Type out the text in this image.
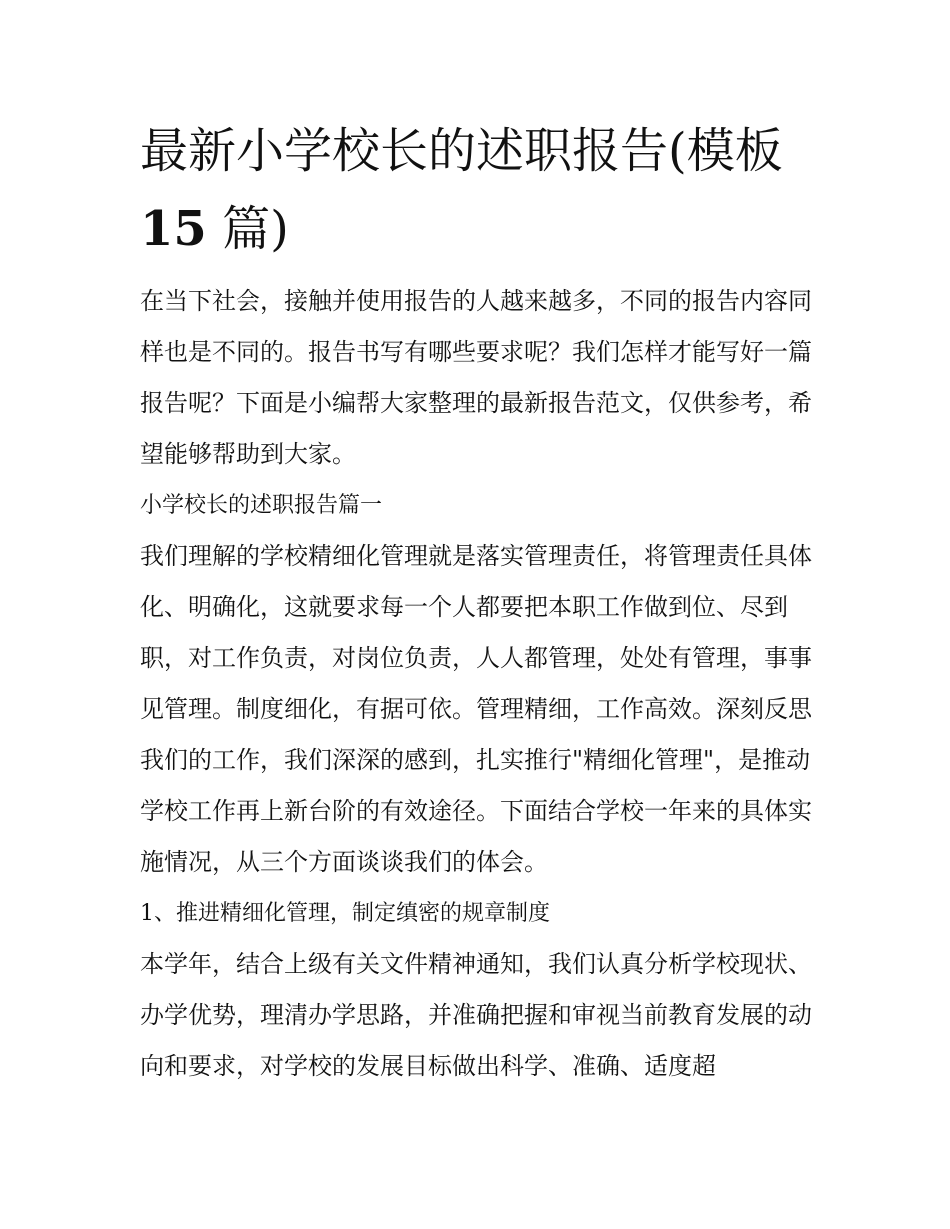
最新小学校长的述职报告(模板
15 篇)

在当下社会，接触并使用报告的人越来越多，不同的报告内容同样也是不同的。报告书写有哪些要求呢？我们怎样才能写好一篇报告呢？下面是小编帮大家整理的最新报告范文，仅供参考，希望能够帮助到大家。

小学校长的述职报告篇一

我们理解的学校精细化管理就是落实管理责任，将管理责任具体化、明确化，这就要求每一个人都要把本职工作做到位、尽到职，对工作负责，对岗位负责，人人都管理，处处有管理，事事见管理。制度细化，有据可依。管理精细，工作高效。深刻反思我们的工作，我们深深的感到，扎实推行"精细化管理"，是推动学校工作再上新台阶的有效途径。下面结合学校一年来的具体实施情况，从三个方面谈谈我们的体会。

1、推进精细化管理，制定缜密的规章制度

本学年，结合上级有关文件精神通知，我们认真分析学校现状、办学优势，理清办学思路，并准确把握和审视当前教育发展的动向和要求，对学校的发展目标做出科学、准确、适度超
